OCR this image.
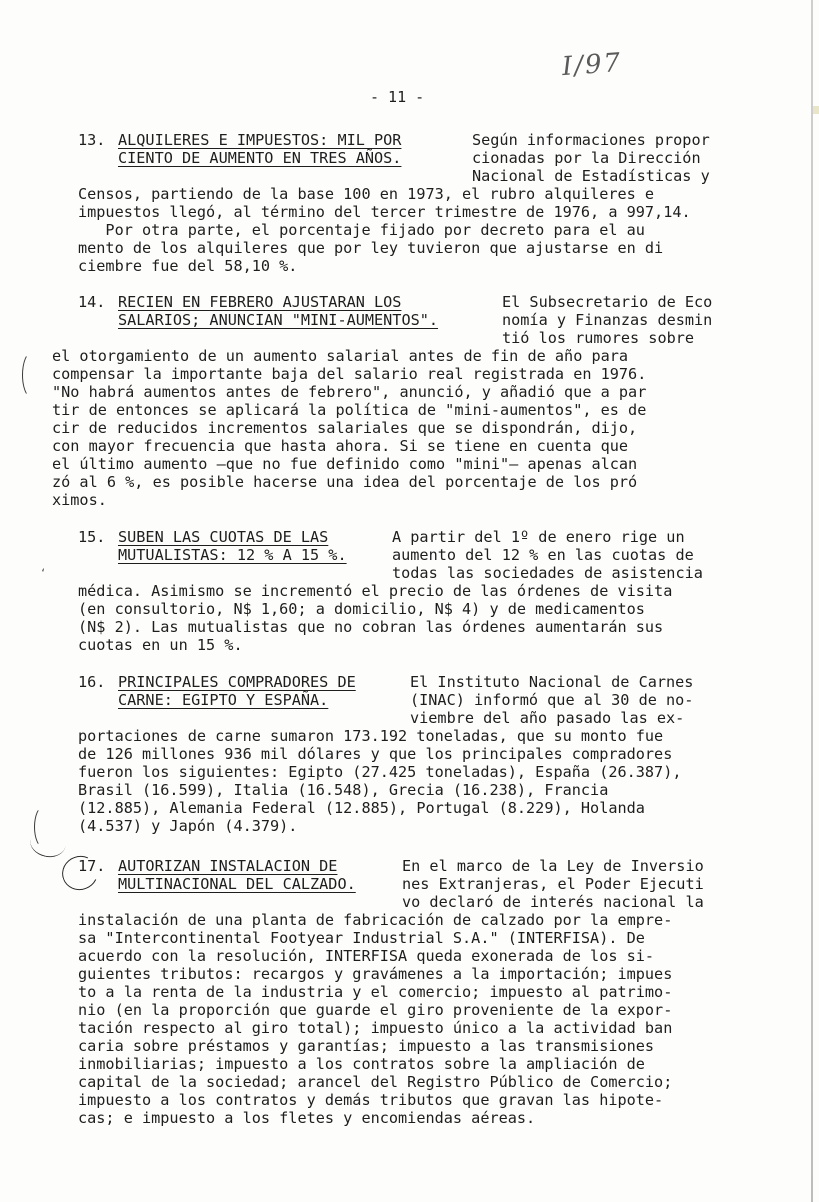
I/97
- 11 -
‘
13. ALQUILERES E IMPUESTOS: MIL POR
CIENTO DE AUMENTO EN TRES AÑOS.
Según informaciones propor
cionadas por la Dirección
Nacional de Estadísticas y
Censos, partiendo de la base 100 en 1973, el rubro alquileres e
impuestos llegó, al término del tercer trimestre de 1976, a 997,14.
Por otra parte, el porcentaje fijado por decreto para el au
mento de los alquileres que por ley tuvieron que ajustarse en di
ciembre fue del 58,10 %.
14. RECIEN EN FEBRERO AJUSTARAN LOS
SALARIOS; ANUNCIAN "MINI-AUMENTOS".
El Subsecretario de Eco
nomía y Finanzas desmin
tió los rumores sobre
el otorgamiento de un aumento salarial antes de fin de año para
compensar la importante baja del salario real registrada en 1976.
"No habrá aumentos antes de febrero", anunció, y añadió que a par
tir de entonces se aplicará la política de "mini-aumentos", es de
cir de reducidos incrementos salariales que se dispondrán, dijo,
con mayor frecuencia que hasta ahora. Si se tiene en cuenta que
el último aumento —que no fue definido como "mini"— apenas alcan
zó al 6 %, es posible hacerse una idea del porcentaje de los pró
ximos.
15. SUBEN LAS CUOTAS DE LAS
MUTUALISTAS: 12 % A 15 %.
A partir del 1º de enero rige un
aumento del 12 % en las cuotas de
todas las sociedades de asistencia
médica. Asimismo se incrementó el precio de las órdenes de visita
(en consultorio, N$ 1,60; a domicilio, N$ 4) y de medicamentos
(N$ 2). Las mutualistas que no cobran las órdenes aumentarán sus
cuotas en un 15 %.
16. PRINCIPALES COMPRADORES DE
CARNE: EGIPTO Y ESPAÑA.
El Instituto Nacional de Carnes
(INAC) informó que al 30 de no-
viembre del año pasado las ex-
portaciones de carne sumaron 173.192 toneladas, que su monto fue
de 126 millones 936 mil dólares y que los principales compradores
fueron los siguientes: Egipto (27.425 toneladas), España (26.387),
Brasil (16.599), Italia (16.548), Grecia (16.238), Francia
(12.885), Alemania Federal (12.885), Portugal (8.229), Holanda
(4.537) y Japón (4.379).
17. AUTORIZAN INSTALACION DE
MULTINACIONAL DEL CALZADO.
En el marco de la Ley de Inversio
nes Extranjeras, el Poder Ejecuti
vo declaró de interés nacional la
instalación de una planta de fabricación de calzado por la empre-
sa "Intercontinental Footyear Industrial S.A." (INTERFISA). De
acuerdo con la resolución, INTERFISA queda exonerada de los si-
guientes tributos: recargos y gravámenes a la importación; impues
to a la renta de la industria y el comercio; impuesto al patrimo-
nio (en la proporción que guarde el giro proveniente de la expor-
tación respecto al giro total); impuesto único a la actividad ban
caria sobre préstamos y garantías; impuesto a las transmisiones
inmobiliarias; impuesto a los contratos sobre la ampliación de
capital de la sociedad; arancel del Registro Público de Comercio;
impuesto a los contratos y demás tributos que gravan las hipote-
cas; e impuesto a los fletes y encomiendas aéreas.
